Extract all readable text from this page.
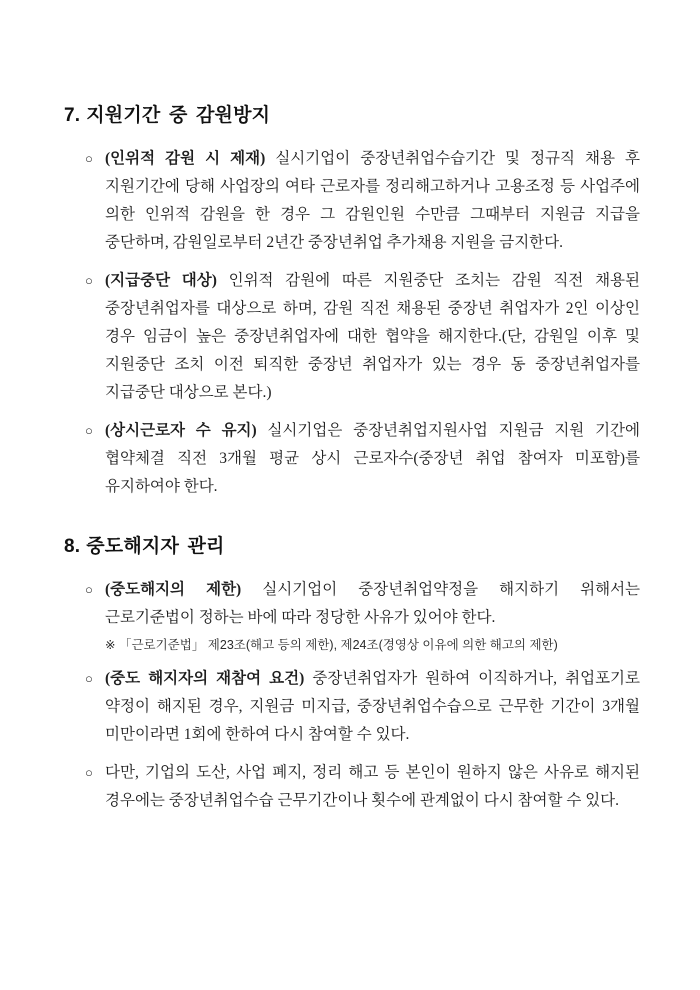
7. 지원기간 중 감원방지
○ (인위적 감원 시 제재) 실시기업이 중장년취업수습기간 및 정규직 채용 후 지원기간에 당해 사업장의 여타 근로자를 정리해고하거나 고용조정 등 사업주에 의한 인위적 감원을 한 경우 그 감원인원 수만큼 그때부터 지원금 지급을 중단하며, 감원일로부터 2년간 중장년취업 추가채용 지원을 금지한다.

○ (지급중단 대상) 인위적 감원에 따른 지원중단 조치는 감원 직전 채용된 중장년취업자를 대상으로 하며, 감원 직전 채용된 중장년 취업자가 2인 이상인 경우 임금이 높은 중장년취업자에 대한 협약을 해지한다.(단, 감원일 이후 및 지원중단 조치 이전 퇴직한 중장년 취업자가 있는 경우 동 중장년취업자를 지급중단 대상으로 본다.)

○ (상시근로자 수 유지) 실시기업은 중장년취업지원사업 지원금 지원 기간에 협약체결 직전 3개월 평균 상시 근로자수(중장년 취업 참여자 미포함)를 유지하여야 한다.

8. 중도해지자 관리
○ (중도해지의 제한) 실시기업이 중장년취업약정을 해지하기 위해서는 근로기준법이 정하는 바에 따라 정당한 사유가 있어야 한다.

※ 「근로기준법」 제23조(해고 등의 제한), 제24조(경영상 이유에 의한 해고의 제한)

○ (중도 해지자의 재참여 요건) 중장년취업자가 원하여 이직하거나, 취업포기로 약정이 해지된 경우, 지원금 미지급, 중장년취업수습으로 근무한 기간이 3개월 미만이라면 1회에 한하여 다시 참여할 수 있다.

○ 다만, 기업의 도산, 사업 폐지, 정리 해고 등 본인이 원하지 않은 사유로 해지된 경우에는 중장년취업수습 근무기간이나 횟수에 관계없이 다시 참여할 수 있다.
